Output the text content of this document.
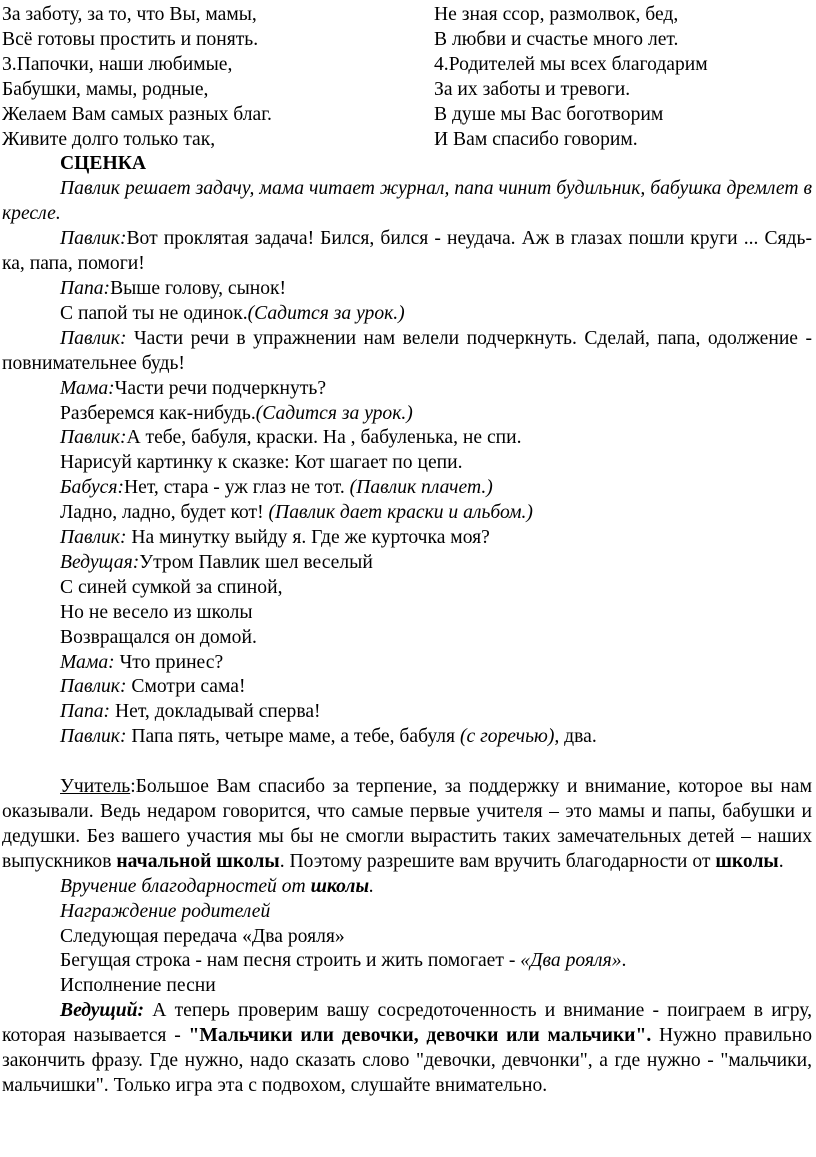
За заботу, за то, что Вы, мамы,
Всё готовы простить и понять.
3.Папочки, наши любимые,
Бабушки, мамы, родные,
Желаем Вам самых разных благ.
Живите долго только так,
Не зная ссор, размолвок, бед,
В любви и счастье много лет.
4.Родителей мы всех благодарим
За их заботы и тревоги.
В душе мы Вас боготворим
И Вам спасибо говорим.
СЦЕНКА
Павлик решает задачу, мама читает журнал, папа чинит будильник, бабушка дремлет в кресле.
Павлик:Вот проклятая задача! Бился, бился - неудача. Аж в глазах пошли круги ... Сядь-ка, папа, помоги!
Папа:Выше голову, сынок!
С папой ты не одинок.(Садится за урок.)
Павлик: Части речи в упражнении нам велели подчеркнуть. Сделай, папа, одолжение - повнимательнее будь!
Мама:Части речи подчеркнуть?
Разберемся как-нибудь.(Садится за урок.)
Павлик:А тебе, бабуля, краски. На , бабуленька, не спи.
Нарисуй картинку к сказке: Кот шагает по цепи.
Бабуся:Нет, стара - уж глаз не тот. (Павлик плачет.)
Ладно, ладно, будет кот! (Павлик дает краски и альбом.)
Павлик: На минутку выйду я. Где же курточка моя?
Ведущая:Утром Павлик шел веселый
С синей сумкой за спиной,
Но не весело из школы
Возвращался он домой.
Мама: Что принес?
Павлик: Смотри сама!
Папа: Нет, докладывай сперва!
Павлик: Папа пять, четыре маме, а тебе, бабуля (с горечью), два.
Учитель:Большое Вам спасибо за терпение, за поддержку и внимание, которое вы нам оказывали. Ведь недаром говорится, что самые первые учителя – это мамы и папы, бабушки и дедушки. Без вашего участия мы бы не смогли вырастить таких замечательных детей – наших выпускников начальной школы. Поэтому разрешите вам вручить благодарности от школы.
Вручение благодарностей от школы.
Награждение родителей
Следующая передача «Два рояля»
Бегущая строка - нам песня строить и жить помогает - «Два рояля».
Исполнение песни
Ведущий: А теперь проверим вашу сосредоточенность и внимание - поиграем в игру, которая называется - "Мальчики или девочки, девочки или мальчики". Нужно правильно закончить фразу. Где нужно, надо сказать слово "девочки, девчонки", а где нужно - "мальчики, мальчишки". Только игра эта с подвохом, слушайте внимательно.
